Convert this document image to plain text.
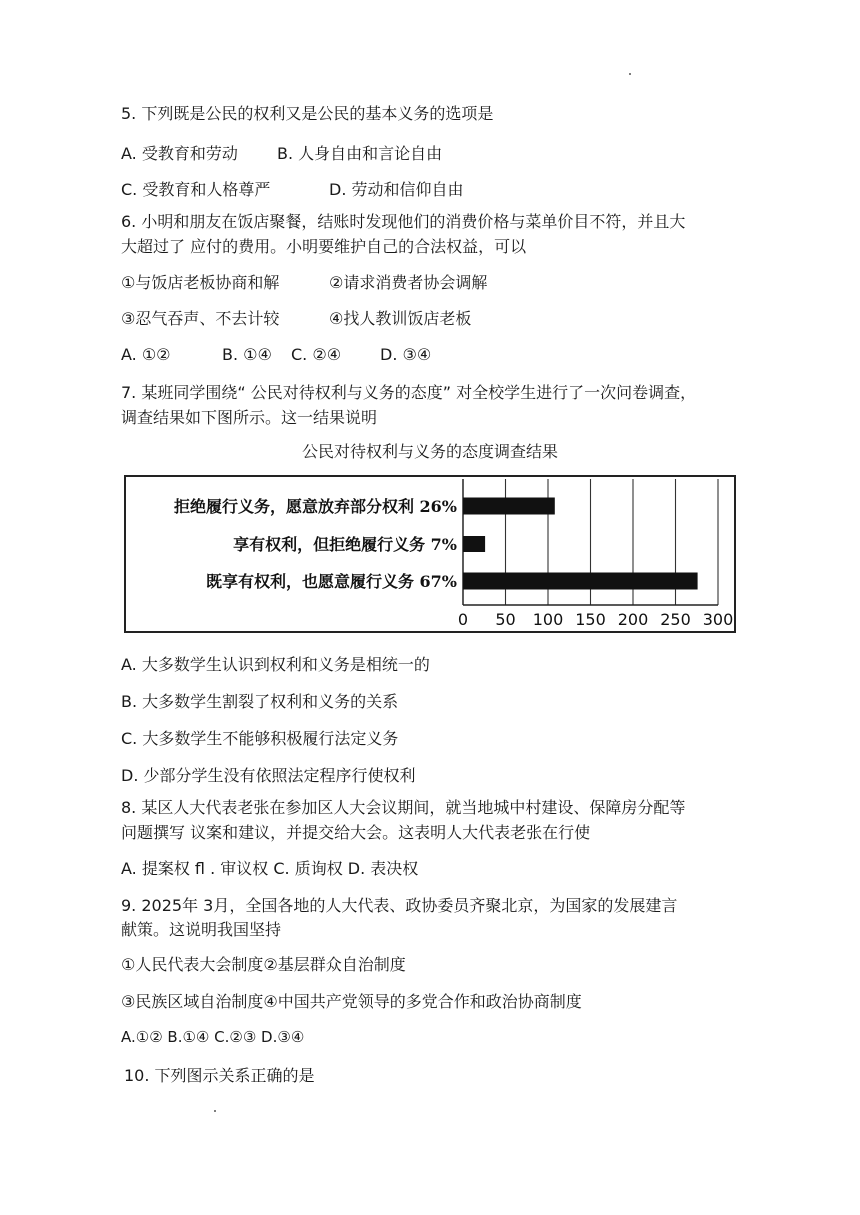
5. 下列既是公民的权利又是公民的基本义务的选项是
A. 受教育和劳动 B. 人身自由和言论自由
C. 受教育和人格尊严	D. 劳动和信仰自由
6. 小明和朋友在饭店聚餐，结账时发现他们的消费价格与菜单价目不符，并且大
大超过了 应付的费用。小明要维护自己的合法权益，可以
①与饭店老板协商和解	②请求消费者协会调解
③忍气吞声、不去计较	④找人教训饭店老板
A. ①②	B. ①④ C. ②④ D. ③④
7. 某班同学围绕“ 公民对待权利与义务的态度” 对全校学生进行了一次问卷调查，
调查结果如下图所示。这一结果说明
公民对待权利与义务的态度调查结果
0 50 100 150 200 250 300
拒绝履行义务，愿意放弃部分权利 26%
享有权利，但拒绝履行义务 7%
既享有权利，也愿意履行义务 67%
A. 大多数学生认识到权利和义务是相统一的
B. 大多数学生割裂了权利和义务的关系
C. 大多数学生不能够积极履行法定义务
D. 少部分学生没有依照法定程序行使权利
8. 某区人大代表老张在参加区人大会议期间，就当地城中村建设、保障房分配等
问题撰写 议案和建议，并提交给大会。这表明人大代表老张在行使
A. 提案权 fl . 审议权 C. 质询权 D. 表决权
9. 2025年 3月，全国各地的人大代表、政协委员齐聚北京，为国家的发展建言
献策。这说明我国坚持
①人民代表大会制度②基层群众自治制度
③民族区域自治制度④中国共产党领导的多党合作和政治协商制度
A.①② B.①④ C.②③ D.③④
10. 下列图示关系正确的是
